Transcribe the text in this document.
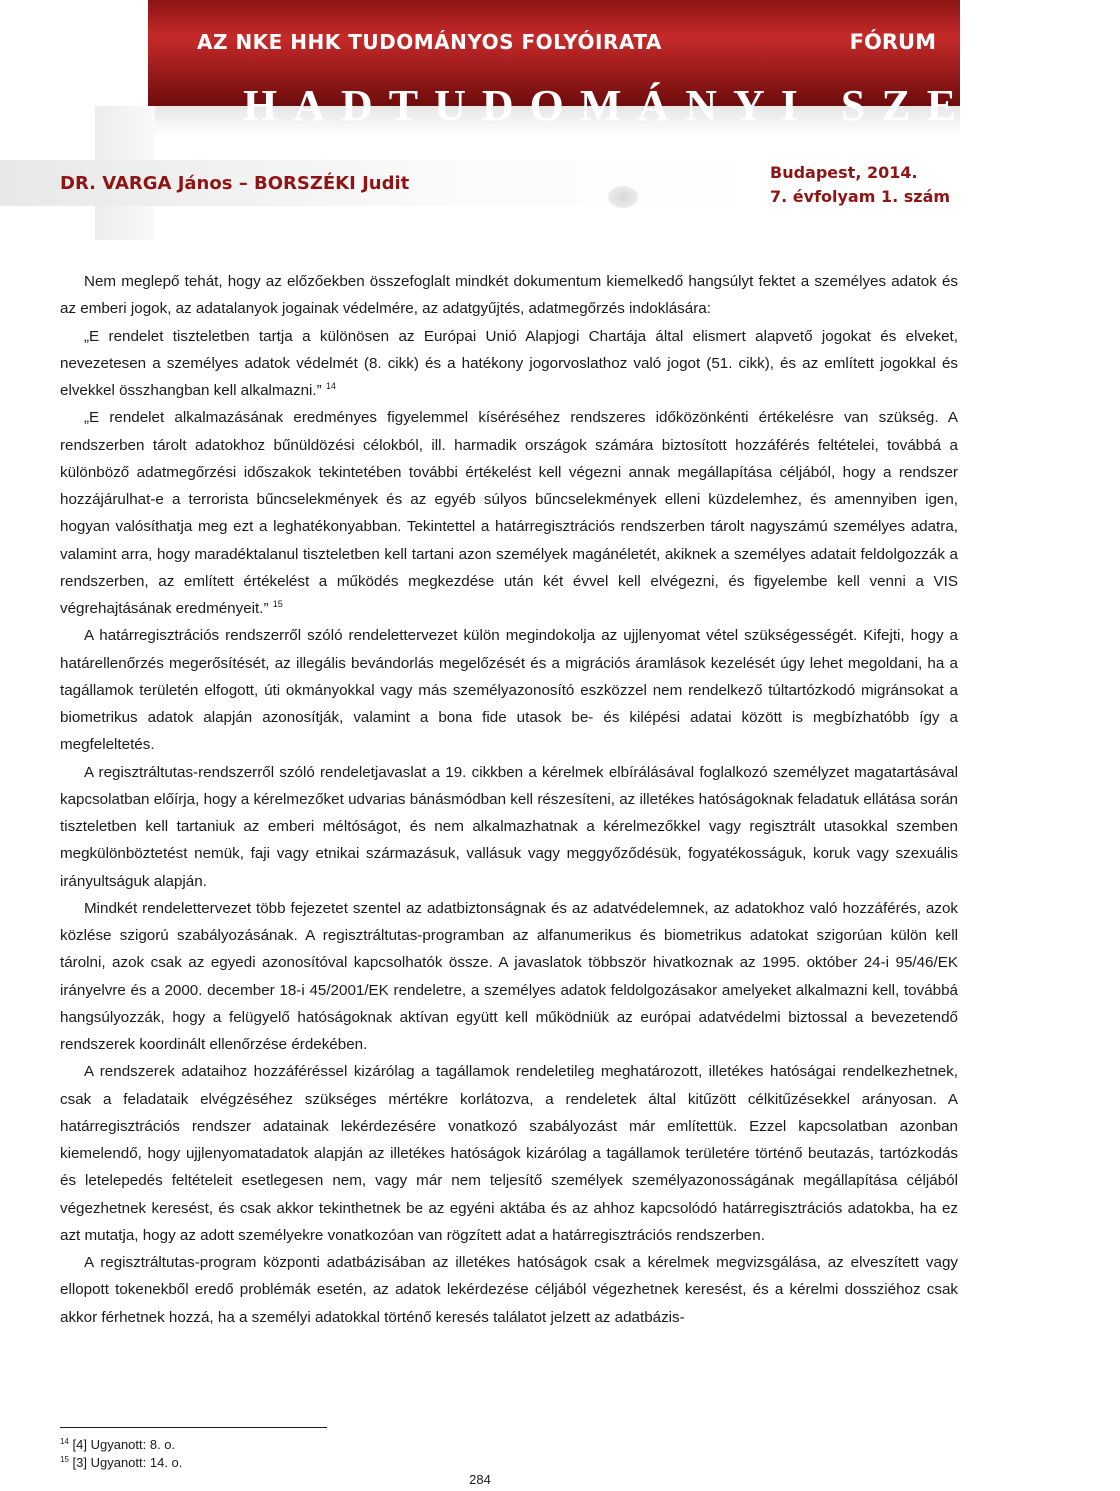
AZ NKE HHK TUDOMÁNYOS FOLYÓIRATA	FÓRUM
HADTUDOMÁNYI SZEMLE
DR. VARGA János – BORSZÉKI Judit
Budapest, 2014.
7. évfolyam 1. szám

Nem meglepő tehát, hogy az előzőekben összefoglalt mindkét dokumentum kiemelkedő hangsúlyt fektet a személyes adatok és az emberi jogok, az adatalanyok jogainak védelmére, az adatgyűjtés, adatmegőrzés indoklására:

„E rendelet tiszteletben tartja a különösen az Európai Unió Alapjogi Chartája által elismert alapvető jogokat és elveket, nevezetesen a személyes adatok védelmét (8. cikk) és a hatékony jogorvoslathoz való jogot (51. cikk), és az említett jogokkal és elvekkel összhangban kell alkalmazni.” $^{14}$

„E rendelet alkalmazásának eredményes figyelemmel kíséréséhez rendszeres időközönkénti értékelésre van szükség. A rendszerben tárolt adatokhoz bűnüldözési célokból, ill. harmadik országok számára biztosított hozzáférés feltételei, továbbá a különböző adatmegőrzési időszakok tekintetében további értékelést kell végezni annak megállapítása céljából, hogy a rendszer hozzájárulhat-e a terrorista bűncselekmények és az egyéb súlyos bűncselekmények elleni küzdelemhez, és amennyiben igen, hogyan valósíthatja meg ezt a leghatékonyabban. Tekintettel a határregisztrációs rendszerben tárolt nagyszámú személyes adatra, valamint arra, hogy maradéktalanul tiszteletben kell tartani azon személyek magánéletét, akiknek a személyes adatait feldolgozzák a rendszerben, az említett értékelést a működés megkezdése után két évvel kell elvégezni, és figyelembe kell venni a VIS végrehajtásának eredményeit.” $^{15}$

A határregisztrációs rendszerről szóló rendelettervezet külön megindokolja az ujjlenyomat vétel szükségességét. Kifejti, hogy a határellenőrzés megerősítését, az illegális bevándorlás megelőzését és a migrációs áramlások kezelését úgy lehet megoldani, ha a tagállamok területén elfogott, úti okmányokkal vagy más személyazonosító eszközzel nem rendelkező túltartózkodó migránsokat a biometrikus adatok alapján azonosítják, valamint a bona fide utasok be- és kilépési adatai között is megbízhatóbb így a megfeleltetés.

A regisztráltutas-rendszerről szóló rendeletjavaslat a 19. cikkben a kérelmek elbírálásával foglalkozó személyzet magatartásával kapcsolatban előírja, hogy a kérelmezőket udvarias bánásmódban kell részesíteni, az illetékes hatóságoknak feladatuk ellátása során tiszteletben kell tartaniuk az emberi méltóságot, és nem alkalmazhatnak a kérelmezőkkel vagy regisztrált utasokkal szemben megkülönböztetést nemük, faji vagy etnikai származásuk, vallásuk vagy meggyőződésük, fogyatékosságuk, koruk vagy szexuális irányultságuk alapján.

Mindkét rendelettervezet több fejezetet szentel az adatbiztonságnak és az adatvédelemnek, az adatokhoz való hozzáférés, azok közlése szigorú szabályozásának. A regisztráltutas-programban az alfanumerikus és biometrikus adatokat szigorúan külön kell tárolni, azok csak az egyedi azonosítóval kapcsolhatók össze. A javaslatok többször hivatkoznak az 1995. október 24-i 95/46/EK irányelvre és a 2000. december 18-i 45/2001/EK rendeletre, a személyes adatok feldolgozásakor amelyeket alkalmazni kell, továbbá hangsúlyozzák, hogy a felügyelő hatóságoknak aktívan együtt kell működniük az európai adatvédelmi biztossal a bevezetendő rendszerek koordinált ellenőrzése érdekében.

A rendszerek adataihoz hozzáféréssel kizárólag a tagállamok rendeletileg meghatározott, illetékes hatóságai rendelkezhetnek, csak a feladataik elvégzéséhez szükséges mértékre korlátozva, a rendeletek által kitűzött célkitűzésekkel arányosan. A határregisztrációs rendszer adatainak lekérdezésére vonatkozó szabályozást már említettük. Ezzel kapcsolatban azonban kiemelendő, hogy ujjlenyomatadatok alapján az illetékes hatóságok kizárólag a tagállamok területére történő beutazás, tartózkodás és letelepedés feltételeit esetlegesen nem, vagy már nem teljesítő személyek személyazonosságának megállapítása céljából végezhetnek keresést, és csak akkor tekinthetnek be az egyéni aktába és az ahhoz kapcsolódó határregisztrációs adatokba, ha ez azt mutatja, hogy az adott személyekre vonatkozóan van rögzített adat a határregisztrációs rendszerben.

A regisztráltutas-program központi adatbázisában az illetékes hatóságok csak a kérelmek megvizsgálása, az elveszített vagy ellopott tokenekből eredő problémák esetén, az adatok lekérdezése céljából végezhetnek keresést, és a kérelmi dossziéhoz csak akkor férhetnek hozzá, ha a személyi adatokkal történő keresés találatot jelzett az adatbázis-

$^{14}$ [4] Ugyanott: 8. o.
$^{15}$ [3] Ugyanott: 14. o.
284
